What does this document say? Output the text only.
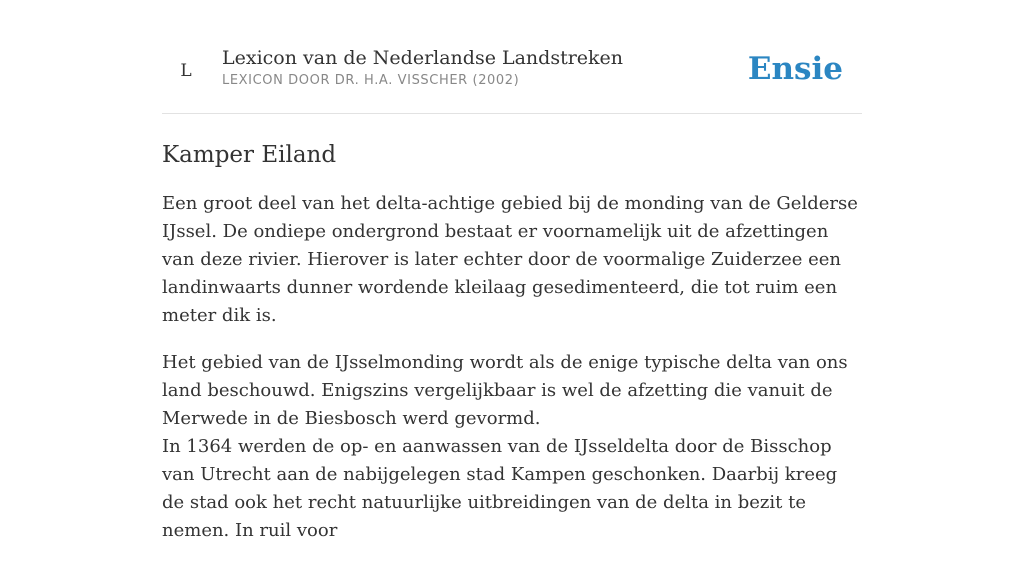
L
Lexicon van de Nederlandse Landstreken
LEXICON DOOR DR. H.A. VISSCHER (2002)	Ensie
Kamper Eiland

Een groot deel van het delta-achtige gebied bij de monding van de Gelderse IJssel. De ondiepe ondergrond bestaat er voornamelijk uit de afzettingen van deze rivier. Hierover is later echter door de voormalige Zuiderzee een landinwaarts dunner wordende kleilaag gesedimenteerd, die tot ruim een meter dik is.

Het gebied van de IJsselmonding wordt als de enige typische delta van ons land beschouwd. Enigszins vergelijkbaar is wel de afzetting die vanuit de Merwede in de Biesbosch werd gevormd.
In 1364 werden de op- en aanwassen van de IJsseldelta door de Bisschop van Utrecht aan de nabijgelegen stad Kampen geschonken. Daarbij kreeg de stad ook het recht natuurlijke uitbreidingen van de delta in bezit te nemen. In ruil voor
